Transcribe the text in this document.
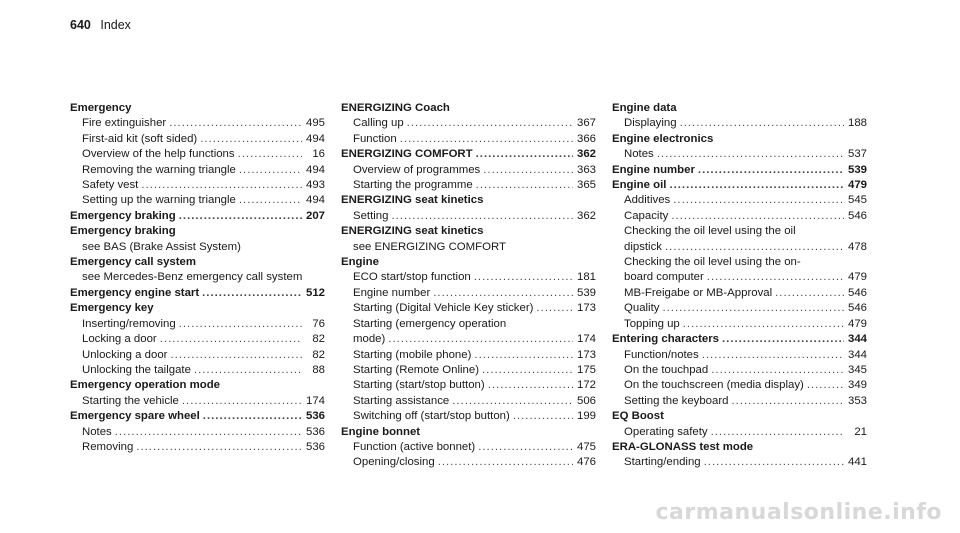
640 Index
Emergency
Fire extinguisher .....	495
First-aid kit (soft sided) .....	494
Overview of the help functions .....	16
Removing the warning triangle .....	494
Safety vest .....	493
Setting up the warning triangle .....	494
Emergency braking .....	207
Emergency braking
see BAS (Brake Assist System)
Emergency call system
see Mercedes-Benz emergency call system
Emergency engine start .....	512
Emergency key
Inserting/removing .....	76
Locking a door .....	82
Unlocking a door .....	82
Unlocking the tailgate .....	88
Emergency operation mode
Starting the vehicle .....	174
Emergency spare wheel .....	536
Notes .....	536
Removing .....	536
ENERGIZING Coach
Calling up .....	367
Function .....	366
ENERGIZING COMFORT .....	362
Overview of programmes .....	363
Starting the programme .....	365
ENERGIZING seat kinetics
Setting .....	362
ENERGIZING seat kinetics
see ENERGIZING COMFORT
Engine
ECO start/stop function .....	181
Engine number .....	539
Starting (Digital Vehicle Key sticker) .....	173
Starting (emergency operation
mode) .....	174
Starting (mobile phone) .....	173
Starting (Remote Online) .....	175
Starting (start/stop button) .....	172
Starting assistance .....	506
Switching off (start/stop button) .....	199
Engine bonnet
Function (active bonnet) .....	475
Opening/closing .....	476
Engine data
Displaying .....	188
Engine electronics
Notes .....	537
Engine number .....	539
Engine oil .....	479
Additives .....	545
Capacity .....	546
Checking the oil level using the oil
dipstick .....	478
Checking the oil level using the on-
board computer .....	479
MB-Freigabe or MB-Approval .....	546
Quality .....	546
Topping up .....	479
Entering characters .....	344
Function/notes .....	344
On the touchpad .....	345
On the touchscreen (media display) .....	349
Setting the keyboard .....	353
EQ Boost
Operating safety .....	21
ERA-GLONASS test mode
Starting/ending .....	441
carmanualsonline.info
